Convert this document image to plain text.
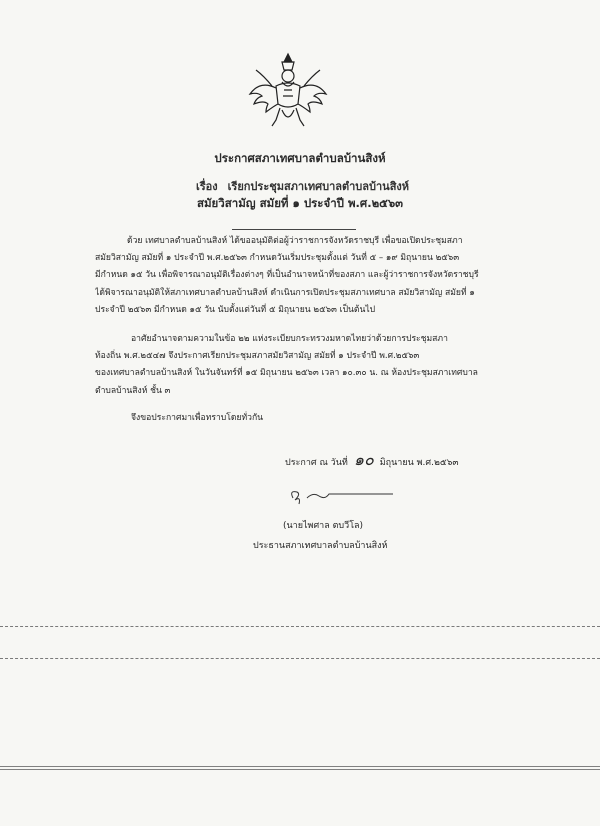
ประกาศสภาเทศบาลตำบลบ้านสิงห์
เรื่อง เรียกประชุมสภาเทศบาลตำบลบ้านสิงห์
สมัยวิสามัญ สมัยที่ ๑ ประจำปี พ.ศ.๒๕๖๓
ด้วย เทศบาลตำบลบ้านสิงห์ ได้ขออนุมัติต่อผู้ว่าราชการจังหวัดราชบุรี เพื่อขอเปิดประชุมสภา
สมัยวิสามัญ สมัยที่ ๑ ประจำปี พ.ศ.๒๕๖๓ กำหนดวันเริ่มประชุมตั้งแต่ วันที่ ๕ – ๑๙ มิถุนายน ๒๕๖๓
มีกำหนด ๑๕ วัน เพื่อพิจารณาอนุมัติเรื่องต่างๆ ที่เป็นอำนาจหน้าที่ของสภา และผู้ว่าราชการจังหวัดราชบุรี
ได้พิจารณาอนุมัติให้สภาเทศบาลตำบลบ้านสิงห์ ดำเนินการเปิดประชุมสภาเทศบาล สมัยวิสามัญ สมัยที่ ๑
ประจำปี ๒๕๖๓ มีกำหนด ๑๕ วัน นับตั้งแต่วันที่ ๕ มิถุนายน ๒๕๖๓ เป็นต้นไป
อาศัยอำนาจตามความในข้อ ๒๒ แห่งระเบียบกระทรวงมหาดไทยว่าด้วยการประชุมสภา
ท้องถิ่น พ.ศ.๒๕๔๗ จึงประกาศเรียกประชุมสภาสมัยวิสามัญ สมัยที่ ๑ ประจำปี พ.ศ.๒๕๖๓
ของเทศบาลตำบลบ้านสิงห์ ในวันจันทร์ที่ ๑๕ มิถุนายน ๒๕๖๓ เวลา ๑๐.๓๐ น. ณ ห้องประชุมสภาเทศบาล
ตำบลบ้านสิงห์ ชั้น ๓
จึงขอประกาศมาเพื่อทราบโดยทั่วกัน
ประกาศ ณ วันที่ ๑๐ มิถุนายน พ.ศ.๒๕๖๓
(นายไพศาล ตบวีโล)
ประธานสภาเทศบาลตำบลบ้านสิงห์
